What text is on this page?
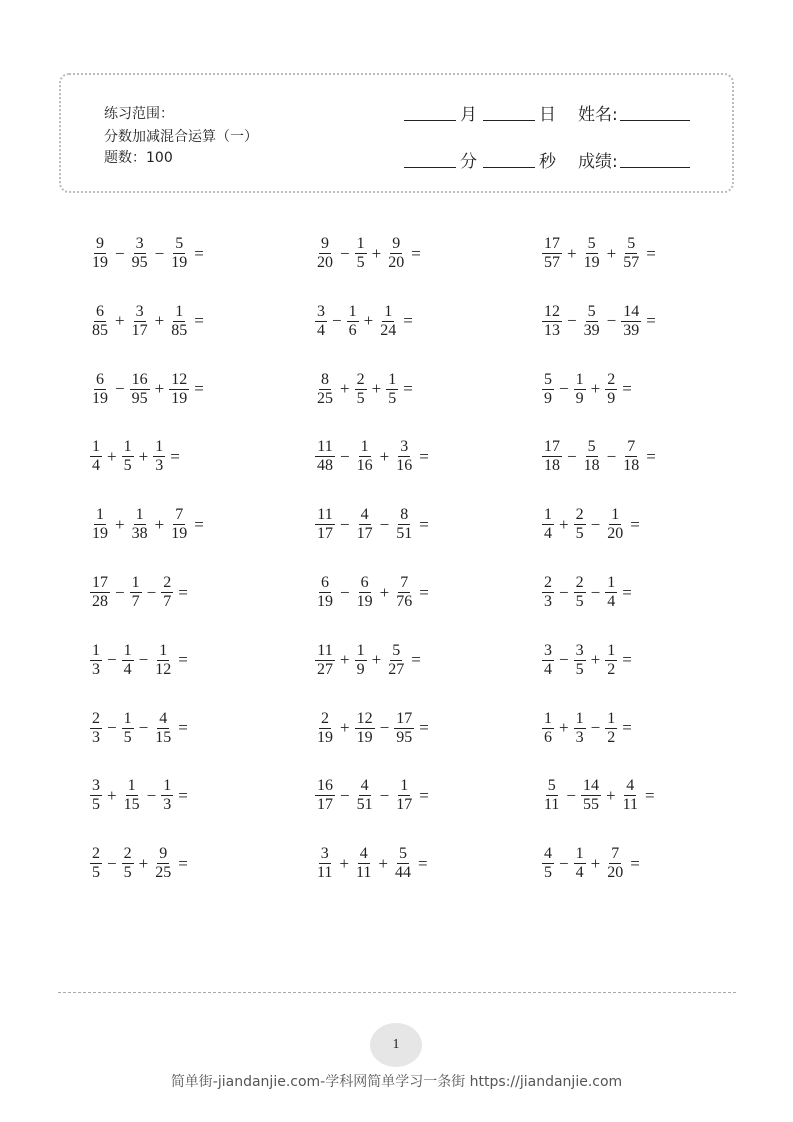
练习范围：
分数加减混合运算（一）
题数：100
月	日 姓名:
分	秒 成绩:
$\frac{9}{19} - \frac{3}{95} - \frac{5}{19}$ =	$\frac{9}{20} - \frac{1}{5} + \frac{9}{20}$ =	$\frac{17}{57} + \frac{5}{19} + \frac{5}{57}$ =
$\frac{6}{85} + \frac{3}{17} + \frac{1}{85}$ =	$\frac{3}{4} - \frac{1}{6} + \frac{1}{24}$ =	$\frac{12}{13} - \frac{5}{39} - \frac{14}{39}$ =
$\frac{6}{19} - \frac{16}{95} + \frac{12}{19}$ =	$\frac{8}{25} + \frac{2}{5} + \frac{1}{5}$ =	$\frac{5}{9} - \frac{1}{9} + \frac{2}{9}$ =
$\frac{1}{4} + \frac{1}{5} + \frac{1}{3}$ =	$\frac{11}{48} - \frac{1}{16} + \frac{3}{16}$ =	$\frac{17}{18} - \frac{5}{18} - \frac{7}{18}$ =
$\frac{1}{19} + \frac{1}{38} + \frac{7}{19}$ =	$\frac{11}{17} - \frac{4}{17} - \frac{8}{51}$ =	$\frac{1}{4} + \frac{2}{5} - \frac{1}{20}$ =
$\frac{17}{28} - \frac{1}{7} - \frac{2}{7}$ =	$\frac{6}{19} - \frac{6}{19} + \frac{7}{76}$ =	$\frac{2}{3} - \frac{2}{5} - \frac{1}{4}$ =
$\frac{1}{3} - \frac{1}{4} - \frac{1}{12}$ =	$\frac{11}{27} + \frac{1}{9} + \frac{5}{27}$ =	$\frac{3}{4} - \frac{3}{5} + \frac{1}{2}$ =
$\frac{2}{3} - \frac{1}{5} - \frac{4}{15}$ =	$\frac{2}{19} + \frac{12}{19} - \frac{17}{95}$ =	$\frac{1}{6} + \frac{1}{3} - \frac{1}{2}$ =
$\frac{3}{5} + \frac{1}{15} - \frac{1}{3}$ =	$\frac{16}{17} - \frac{4}{51} - \frac{1}{17}$ =	$\frac{5}{11} - \frac{14}{55} + \frac{4}{11}$ =
$\frac{2}{5} - \frac{2}{5} + \frac{9}{25}$ =	$\frac{3}{11} + \frac{4}{11} + \frac{5}{44}$ =	$\frac{4}{5} - \frac{1}{4} + \frac{7}{20}$ =
1
简单街-jiandanjie.com-学科网简单学习一条街 https://jiandanjie.com
